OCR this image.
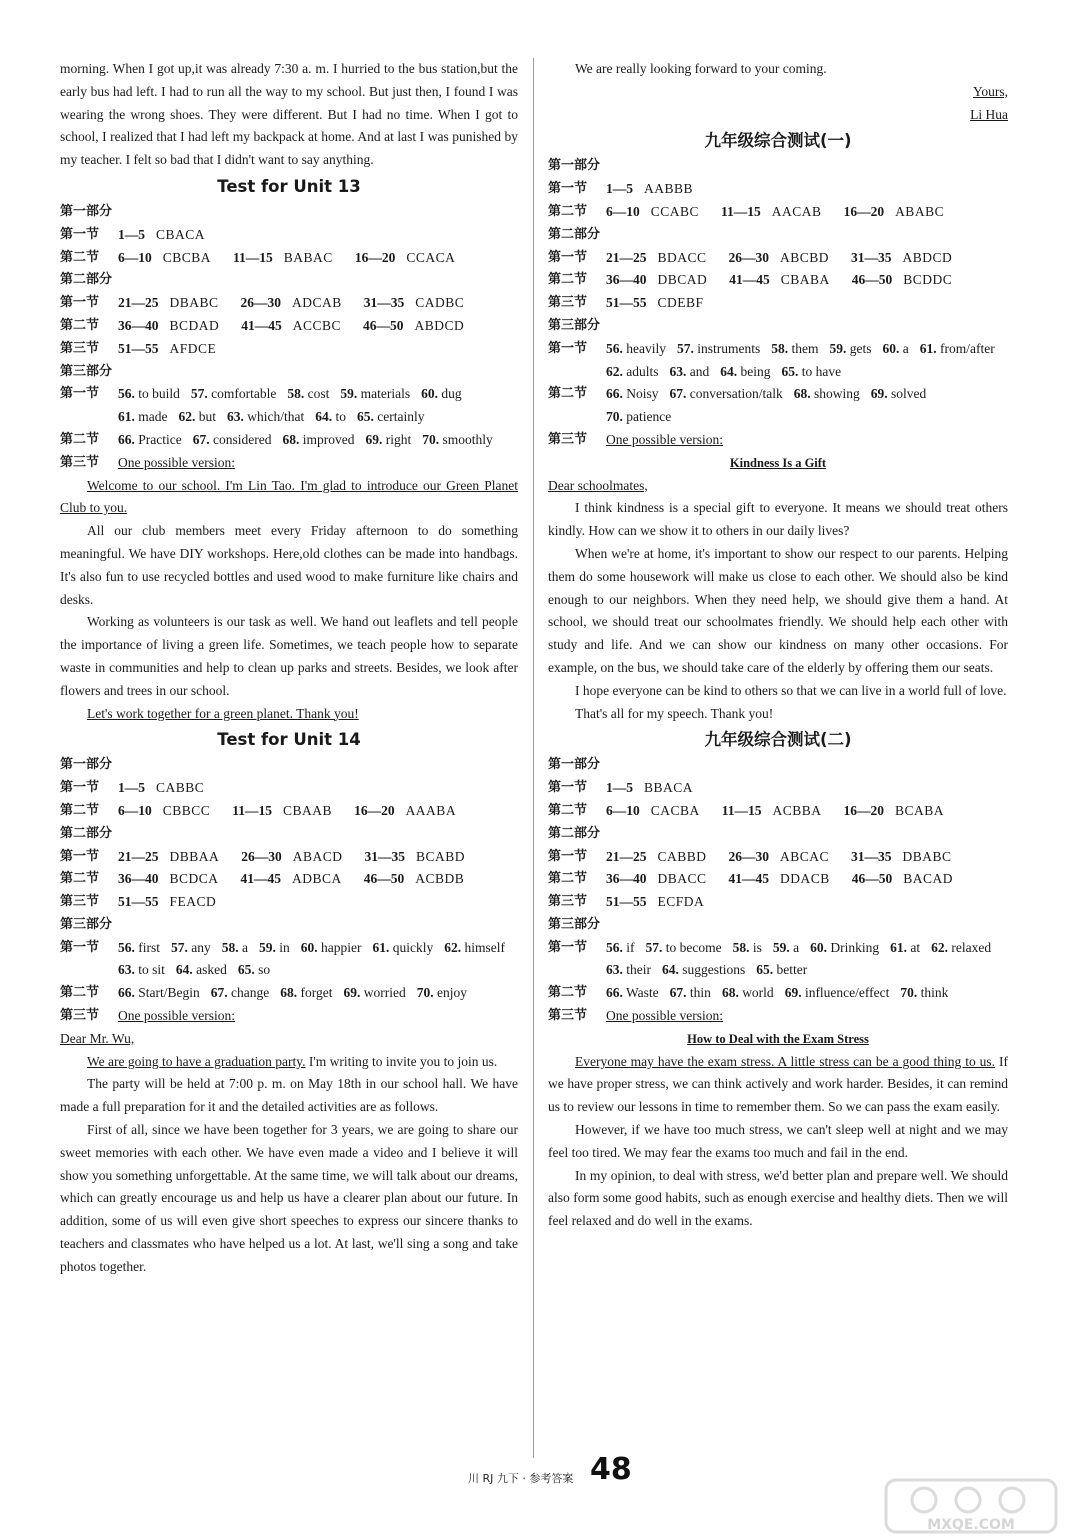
morning. When I got up,it was already 7:30 a. m. I hurried to the bus station,but the early bus had left. I had to run all the way to my school. But just then, I found I was wearing the wrong shoes. They were different. But I had no time. When I got to school, I realized that I had left my backpack at home. And at last I was punished by my teacher. I felt so bad that I didn't want to say anything.

Test for Unit 13
第一部分
第一节	1—5 CBACA
第二节	6—10 CBCBA 11—15 BABAC 16—20 CCACA
第二部分
第一节	21—25 DBABC 26—30 ADCAB 31—35 CADBC
第二节	36—40 BCDAD 41—45 ACCBC 46—50 ABDCD
第三节	51—55 AFDCE
第三部分
第一节	56. to build 57. comfortable 58. cost 59. materials 60. dug61. made 62. but 63. which/that 64. to 65. certainly
第二节	66. Practice 67. considered 68. improved 69. right 70. smoothly
第三节	One possible version:

Welcome to our school. I'm Lin Tao. I'm glad to introduce our Green Planet Club to you.

All our club members meet every Friday afternoon to do something meaningful. We have DIY workshops. Here,old clothes can be made into handbags. It's also fun to use recycled bottles and used wood to make furniture like chairs and desks.

Working as volunteers is our task as well. We hand out leaflets and tell people the importance of living a green life. Sometimes, we teach people how to separate waste in communities and help to clean up parks and streets. Besides, we look after flowers and trees in our school.

Let's work together for a green planet. Thank you!

Test for Unit 14
第一部分
第一节	1—5 CABBC
第二节	6—10 CBBCC 11—15 CBAAB 16—20 AAABA
第二部分
第一节	21—25 DBBAA 26—30 ABACD 31—35 BCABD
第二节	36—40 BCDCA 41—45 ADBCA 46—50 ACBDB
第三节	51—55 FEACD
第三部分
第一节	56. first 57. any 58. a 59. in 60. happier 61. quickly 62. himself63. to sit 64. asked 65. so
第二节	66. Start/Begin 67. change 68. forget 69. worried 70. enjoy
第三节	One possible version:

Dear Mr. Wu,

We are going to have a graduation party. I'm writing to invite you to join us.

The party will be held at 7:00 p. m. on May 18th in our school hall. We have made a full preparation for it and the detailed activities are as follows.

First of all, since we have been together for 3 years, we are going to share our sweet memories with each other. We have even made a video and I believe it will show you something unforgettable. At the same time, we will talk about our dreams, which can greatly encourage us and help us have a clearer plan about our future. In addition, some of us will even give short speeches to express our sincere thanks to teachers and classmates who have helped us a lot. At last, we'll sing a song and take photos together.

We are really looking forward to your coming.

Yours,

Li Hua

九年级综合测试(一)
第一部分
第一节	1—5 AABBB
第二节	6—10 CCABC 11—15 AACAB 16—20 ABABC
第二部分
第一节	21—25 BDACC 26—30 ABCBD 31—35 ABDCD
第二节	36—40 DBCAD 41—45 CBABA 46—50 BCDDC
第三节	51—55 CDEBF
第三部分
第一节	56. heavily 57. instruments 58. them 59. gets 60. a 61. from/after62. adults 63. and 64. being 65. to have
第二节	66. Noisy 67. conversation/talk 68. showing 69. solved70. patience
第三节	One possible version:
Kindness Is a Gift

Dear schoolmates,

I think kindness is a special gift to everyone. It means we should treat others kindly. How can we show it to others in our daily lives?

When we're at home, it's important to show our respect to our parents. Helping them do some housework will make us close to each other. We should also be kind enough to our neighbors. When they need help, we should give them a hand. At school, we should treat our schoolmates friendly. We should help each other with study and life. And we can show our kindness on many other occasions. For example, on the bus, we should take care of the elderly by offering them our seats.

I hope everyone can be kind to others so that we can live in a world full of love.

That's all for my speech. Thank you!

九年级综合测试(二)
第一部分
第一节	1—5 BBACA
第二节	6—10 CACBA 11—15 ACBBA 16—20 BCABA
第二部分
第一节	21—25 CABBD 26—30 ABCAC 31—35 DBABC
第二节	36—40 DBACC 41—45 DDACB 46—50 BACAD
第三节	51—55 ECFDA
第三部分
第一节	56. if 57. to become 58. is 59. a 60. Drinking 61. at 62. relaxed63. their 64. suggestions 65. better
第二节	66. Waste 67. thin 68. world 69. influence/effect 70. think
第三节	One possible version:
How to Deal with the Exam Stress

Everyone may have the exam stress. A little stress can be a good thing to us. If we have proper stress, we can think actively and work harder. Besides, it can remind us to review our lessons in time to remember them. So we can pass the exam easily.

However, if we have too much stress, we can't sleep well at night and we may feel too tired. We may fear the exams too much and fail in the end.

In my opinion, to deal with stress, we'd better plan and prepare well. We should also form some good habits, such as enough exercise and healthy diets. Then we will feel relaxed and do well in the exams.

川 RJ 九下 · 参考答案 48
MXQE.COM
